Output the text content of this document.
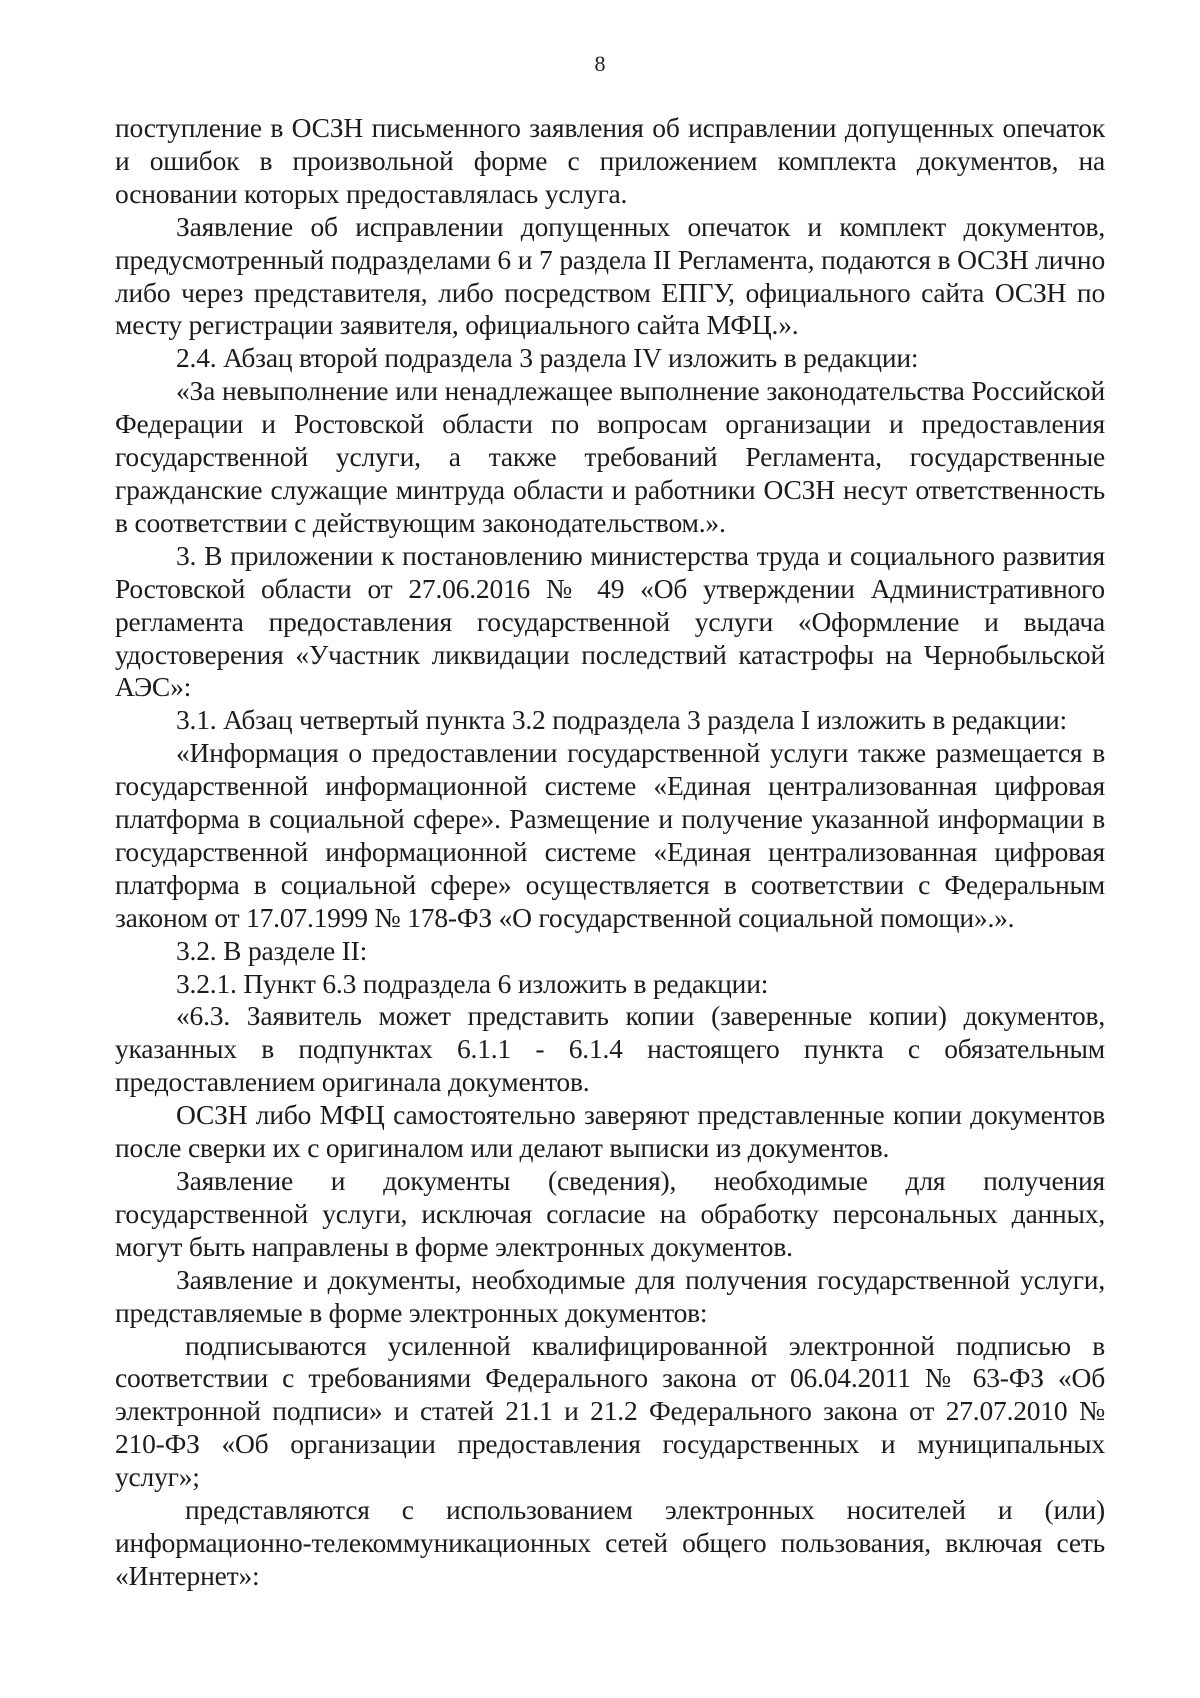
8

поступление в ОСЗН письменного заявления об исправлении допущенных опечаток и ошибок в произвольной форме с приложением комплекта документов, на основании которых предоставлялась услуга.

Заявление об исправлении допущенных опечаток и комплект документов, предусмотренный подразделами 6 и 7 раздела II Регламента, подаются в ОСЗН лично либо через представителя, либо посредством ЕПГУ, официального сайта ОСЗН по месту регистрации заявителя, официального сайта МФЦ.».

2.4. Абзац второй подраздела 3 раздела IV изложить в редакции:

«За невыполнение или ненадлежащее выполнение законодательства Российской Федерации и Ростовской области по вопросам организации и предоставления государственной услуги, а также требований Регламента, государственные гражданские служащие минтруда области и работники ОСЗН несут ответственность в соответствии с действующим законодательством.».

3. В приложении к постановлению министерства труда и социального развития Ростовской области от 27.06.2016 № 49 «Об утверждении Административного регламента предоставления государственной услуги «Оформление и выдача удостоверения «Участник ликвидации последствий катастрофы на Чернобыльской АЭС»:

3.1. Абзац четвертый пункта 3.2 подраздела 3 раздела I изложить в редакции:

«Информация о предоставлении государственной услуги также размещается в государственной информационной системе «Единая централизованная цифровая платформа в социальной сфере». Размещение и получение указанной информации в государственной информационной системе «Единая централизованная цифровая платформа в социальной сфере» осуществляется в соответствии с Федеральным законом от 17.07.1999 № 178-ФЗ «О государственной социальной помощи».».

3.2. В разделе II:

3.2.1. Пункт 6.3 подраздела 6 изложить в редакции:

«6.3. Заявитель может представить копии (заверенные копии) документов, указанных в подпунктах 6.1.1 - 6.1.4 настоящего пункта с обязательным предоставлением оригинала документов.

ОСЗН либо МФЦ самостоятельно заверяют представленные копии документов после сверки их с оригиналом или делают выписки из документов.

Заявление и документы (сведения), необходимые для получения государственной услуги, исключая согласие на обработку персональных данных, могут быть направлены в форме электронных документов.

Заявление и документы, необходимые для получения государственной услуги, представляемые в форме электронных документов:

подписываются усиленной квалифицированной электронной подписью в соответствии с требованиями Федерального закона от 06.04.2011 № 63-ФЗ «Об электронной подписи» и статей 21.1 и 21.2 Федерального закона от 27.07.2010 № 210-ФЗ «Об организации предоставления государственных и муниципальных услуг»;

представляются с использованием электронных носителей и (или) информационно-телекоммуникационных сетей общего пользования, включая сеть «Интернет»:
